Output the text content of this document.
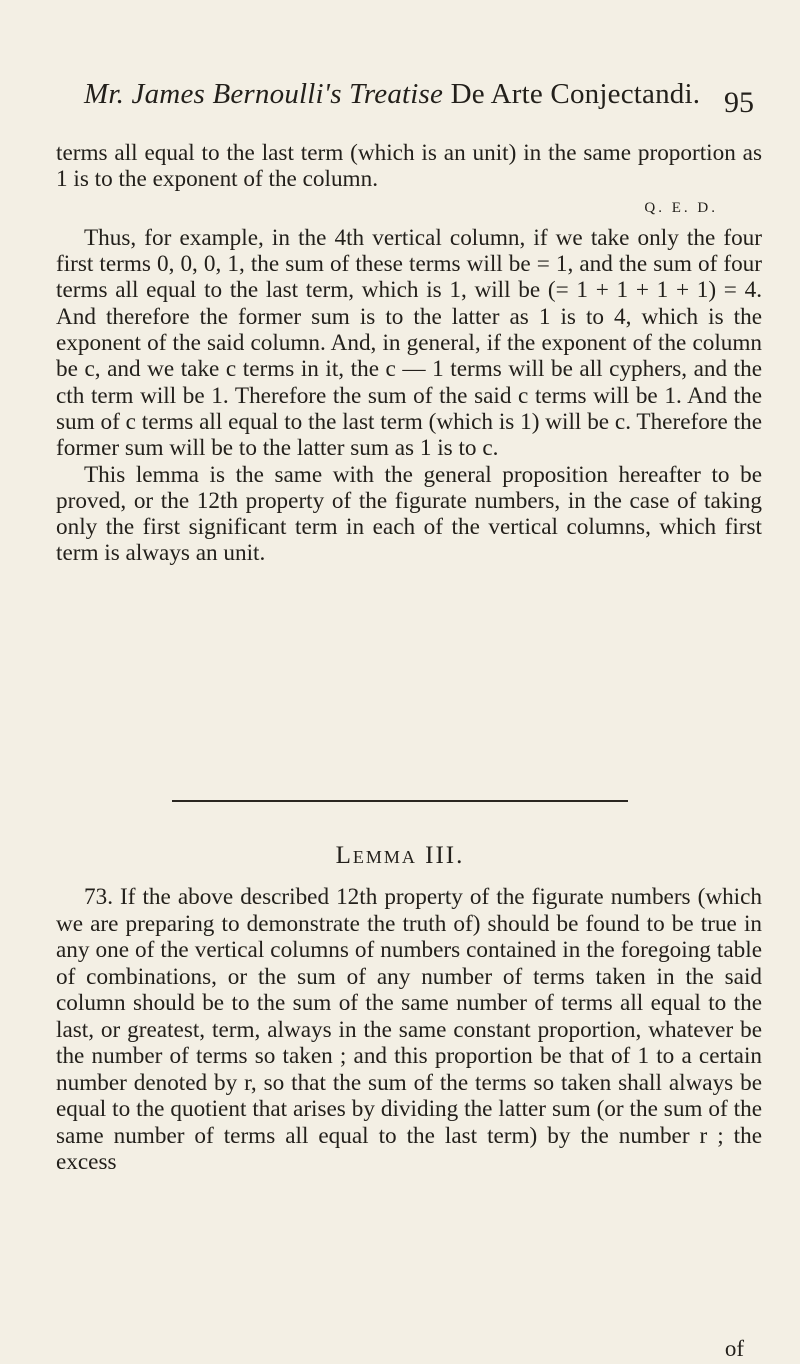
Mr. James Bernoulli's Treatise De Arte Conjectandi. 95

terms all equal to the last term (which is an unit) in the same proportion as 1 is to the exponent of the column.

Q. E. D.

Thus, for example, in the 4th vertical column, if we take only the four first terms 0, 0, 0, 1, the sum of these terms will be = 1, and the sum of four terms all equal to the last term, which is 1, will be (= 1 + 1 + 1 + 1) = 4. And therefore the former sum is to the latter as 1 is to 4, which is the exponent of the said column. And, in general, if the exponent of the column be c, and we take c terms in it, the c — 1 terms will be all cyphers, and the cth term will be 1. Therefore the sum of the said c terms will be 1. And the sum of c terms all equal to the last term (which is 1) will be c. Therefore the former sum will be to the latter sum as 1 is to c.

This lemma is the same with the general proposition hereafter to be proved, or the 12th property of the figurate numbers, in the case of taking only the first significant term in each of the vertical columns, which first term is always an unit.

Lemma III.

73. If the above described 12th property of the figurate numbers (which we are preparing to demonstrate the truth of) should be found to be true in any one of the vertical columns of numbers contained in the foregoing table of combinations, or the sum of any number of terms taken in the said column should be to the sum of the same number of terms all equal to the last, or greatest, term, always in the same constant proportion, whatever be the number of terms so taken ; and this proportion be that of 1 to a certain number denoted by r, so that the sum of the terms so taken shall always be equal to the quotient that arises by dividing the latter sum (or the sum of the same number of terms all equal to the last term) by the number r ; the excess

of
